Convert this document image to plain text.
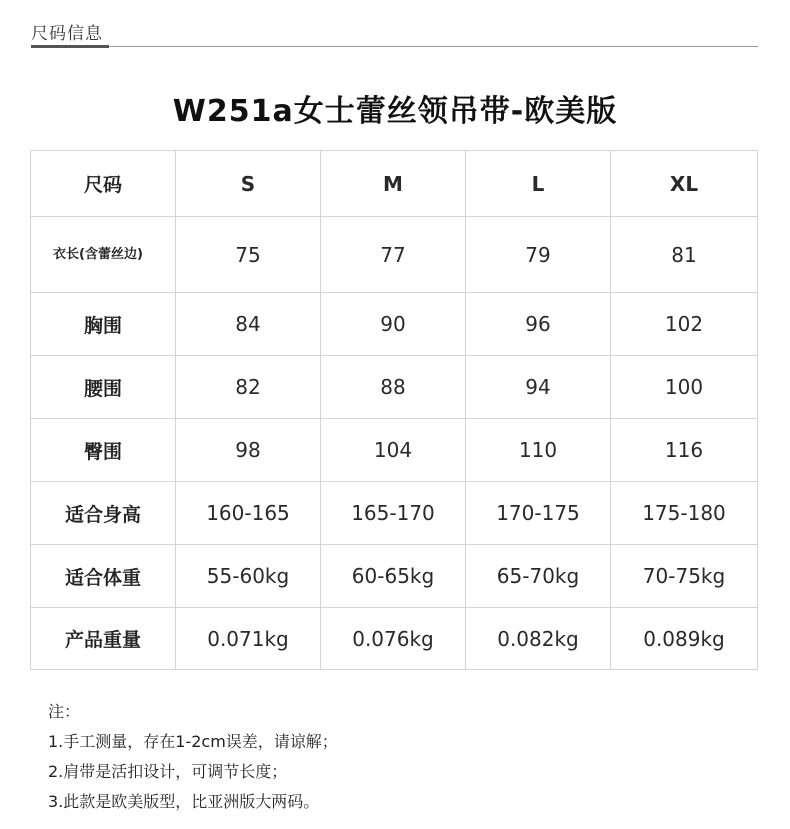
尺码信息
W251a女士蕾丝领吊带-欧美版
尺码	S	M	L	XL
衣长(含蕾丝边)	75	77	79	81
胸围	84	90	96	102
腰围	82	88	94	100
臀围	98	104	110	116
适合身高	160-165	165-170	170-175	175-180
适合体重	55-60kg	60-65kg	65-70kg	70-75kg
产品重量	0.071kg	0.076kg	0.082kg	0.089kg
注：
1.手工测量，存在1-2cm误差，请谅解；
2.肩带是活扣设计，可调节长度；
3.此款是欧美版型，比亚洲版大两码。
